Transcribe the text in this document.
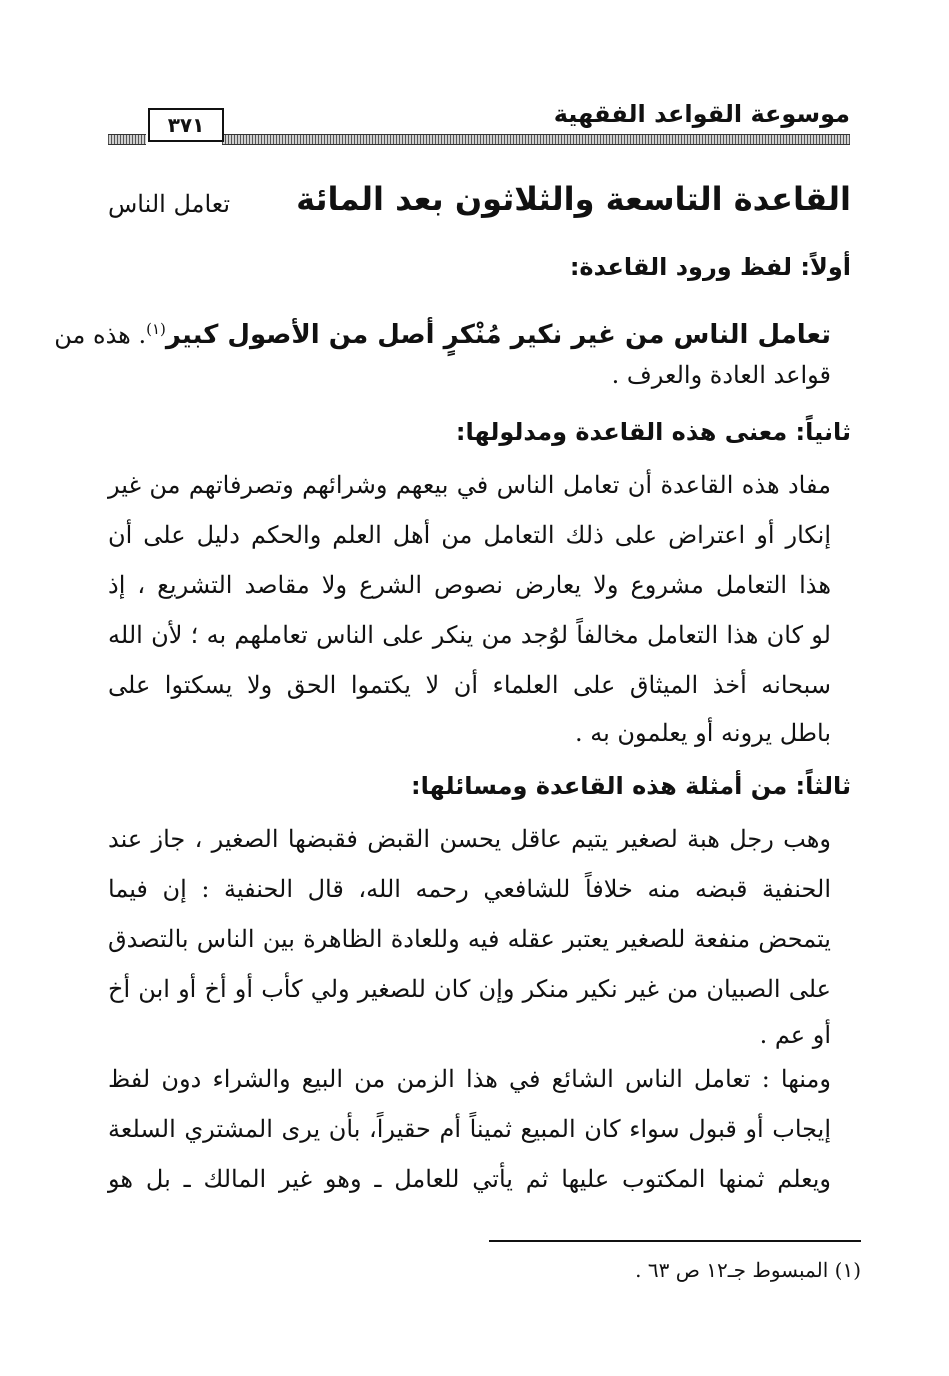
موسوعة القواعد الفقهية
٣٧١
القاعدة التاسعة والثلاثون بعد المائة
تعامل الناس
أولاً: لفظ ورود القاعدة:
تعامل الناس من غير نكير مُنْكرٍ أصل من الأصول كبير$^{(١)}$. هذه من
قواعد العادة والعرف .
ثانياً: معنى هذه القاعدة ومدلولها:
مفاد هذه القاعدة أن تعامل الناس في بيعهم وشرائهم وتصرفاتهم من غير
إنكار أو اعتراض على ذلك التعامل من أهل العلم والحكم دليل على أن
هذا التعامل مشروع ولا يعارض نصوص الشرع ولا مقاصد التشريع ، إذ
لو كان هذا التعامل مخالفاً لوُجد من ينكر على الناس تعاملهم به ؛ لأن الله
سبحانه أخذ الميثاق على العلماء أن لا يكتموا الحق ولا يسكتوا على
باطل يرونه أو يعلمون به .
ثالثاً: من أمثلة هذه القاعدة ومسائلها:
وهب رجل هبة لصغير يتيم عاقل يحسن القبض فقبضها الصغير ، جاز عند
الحنفية قبضه منه خلافاً للشافعي رحمه الله، قال الحنفية : إن فيما
يتمحض منفعة للصغير يعتبر عقله فيه وللعادة الظاهرة بين الناس بالتصدق
على الصبيان من غير نكير منكر وإن كان للصغير ولي كأب أو أخ أو ابن أخ
أو عم .
ومنها : تعامل الناس الشائع في هذا الزمن من البيع والشراء دون لفظ
إيجاب أو قبول سواء كان المبيع ثميناً أم حقيراً، بأن يرى المشتري السلعة
ويعلم ثمنها المكتوب عليها ثم يأتي للعامل ـ وهو غير المالك ـ بل هو
(١) المبسوط جـ١٢ ص ٦٣ .
